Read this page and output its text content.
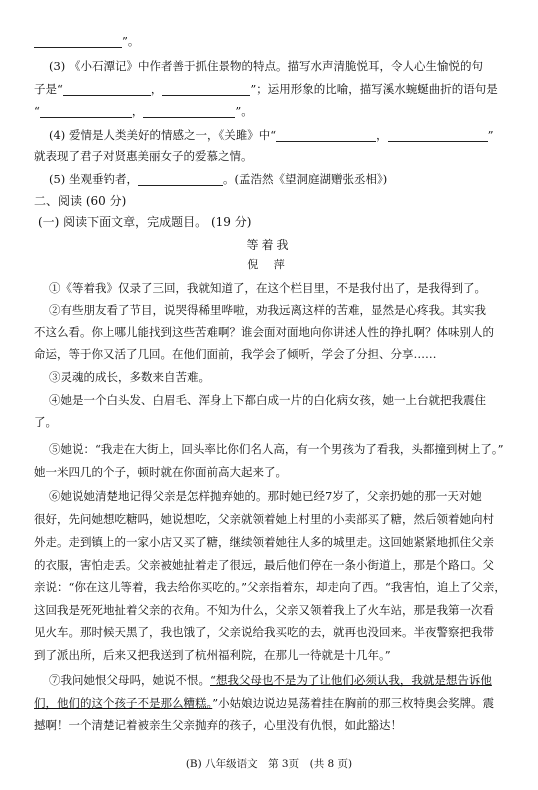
”。
(3) 《小石潭记》中作者善于抓住景物的特点。描写水声清脆悦耳，令人心生愉悦的句
子是“	，	”；运用形象的比喻，描写溪水蜿蜒曲折的语句是
“	，	”。
(4) 爱情是人类美好的情感之一，《关雎》中“	，	”
就表现了君子对贤惠美丽女子的爱慕之情。
(5) 坐观垂钓者，	。(孟浩然《望洞庭湖赠张丞相》)
二、阅读 (60 分)
(一) 阅读下面文章，完成题目。 (19 分)
等着我
倪 萍
①《等着我》仅录了三回，我就知道了，在这个栏目里，不是我付出了，是我得到了。
②有些朋友看了节目，说哭得稀里哗啦，劝我远离这样的苦难，显然是心疼我。其实我
不这么看。你上哪儿能找到这些苦难啊？谁会面对面地向你讲述人性的挣扎啊？体味别人的
命运，等于你又活了几回。在他们面前，我学会了倾听，学会了分担、分享……
③灵魂的成长，多数来自苦难。
④她是一个白头发、白眉毛、浑身上下都白成一片的白化病女孩，她一上台就把我震住
了。
⑤她说：“我走在大街上，回头率比你们名人高，有一个男孩为了看我，头都撞到树上了。”
她一米四几的个子，顿时就在你面前高大起来了。
⑥她说她清楚地记得父亲是怎样抛弃她的。那时她已经7岁了，父亲扔她的那一天对她
很好，先问她想吃糖吗，她说想吃，父亲就领着她上村里的小卖部买了糖，然后领着她向村
外走。走到镇上的一家小店又买了糖，继续领着她往人多的城里走。这回她紧紧地抓住父亲
的衣服，害怕走丢。父亲被她扯着走了很远，最后他们停在一条小街道上，那是个路口。父
亲说：“你在这儿等着，我去给你买吃的。”父亲指着东，却走向了西。“我害怕，追上了父亲，
这回我是死死地扯着父亲的衣角。不知为什么，父亲又领着我上了火车站，那是我第一次看
见火车。那时候天黑了，我也饿了，父亲说给我买吃的去，就再也没回来。半夜警察把我带
到了派出所，后来又把我送到了杭州福利院，在那儿一待就是十几年。”
⑦我问她恨父母吗，她说不恨。“想我父母也不是为了让他们必须认我，我就是想告诉他
们，他们的这个孩子不是那么糟糕。”小姑娘边说边晃荡着挂在胸前的那三枚特奥会奖牌。震
撼啊！一个清楚记着被亲生父亲抛弃的孩子，心里没有仇恨，如此豁达！
(B) 八年级语文　第 3页　(共 8 页)
